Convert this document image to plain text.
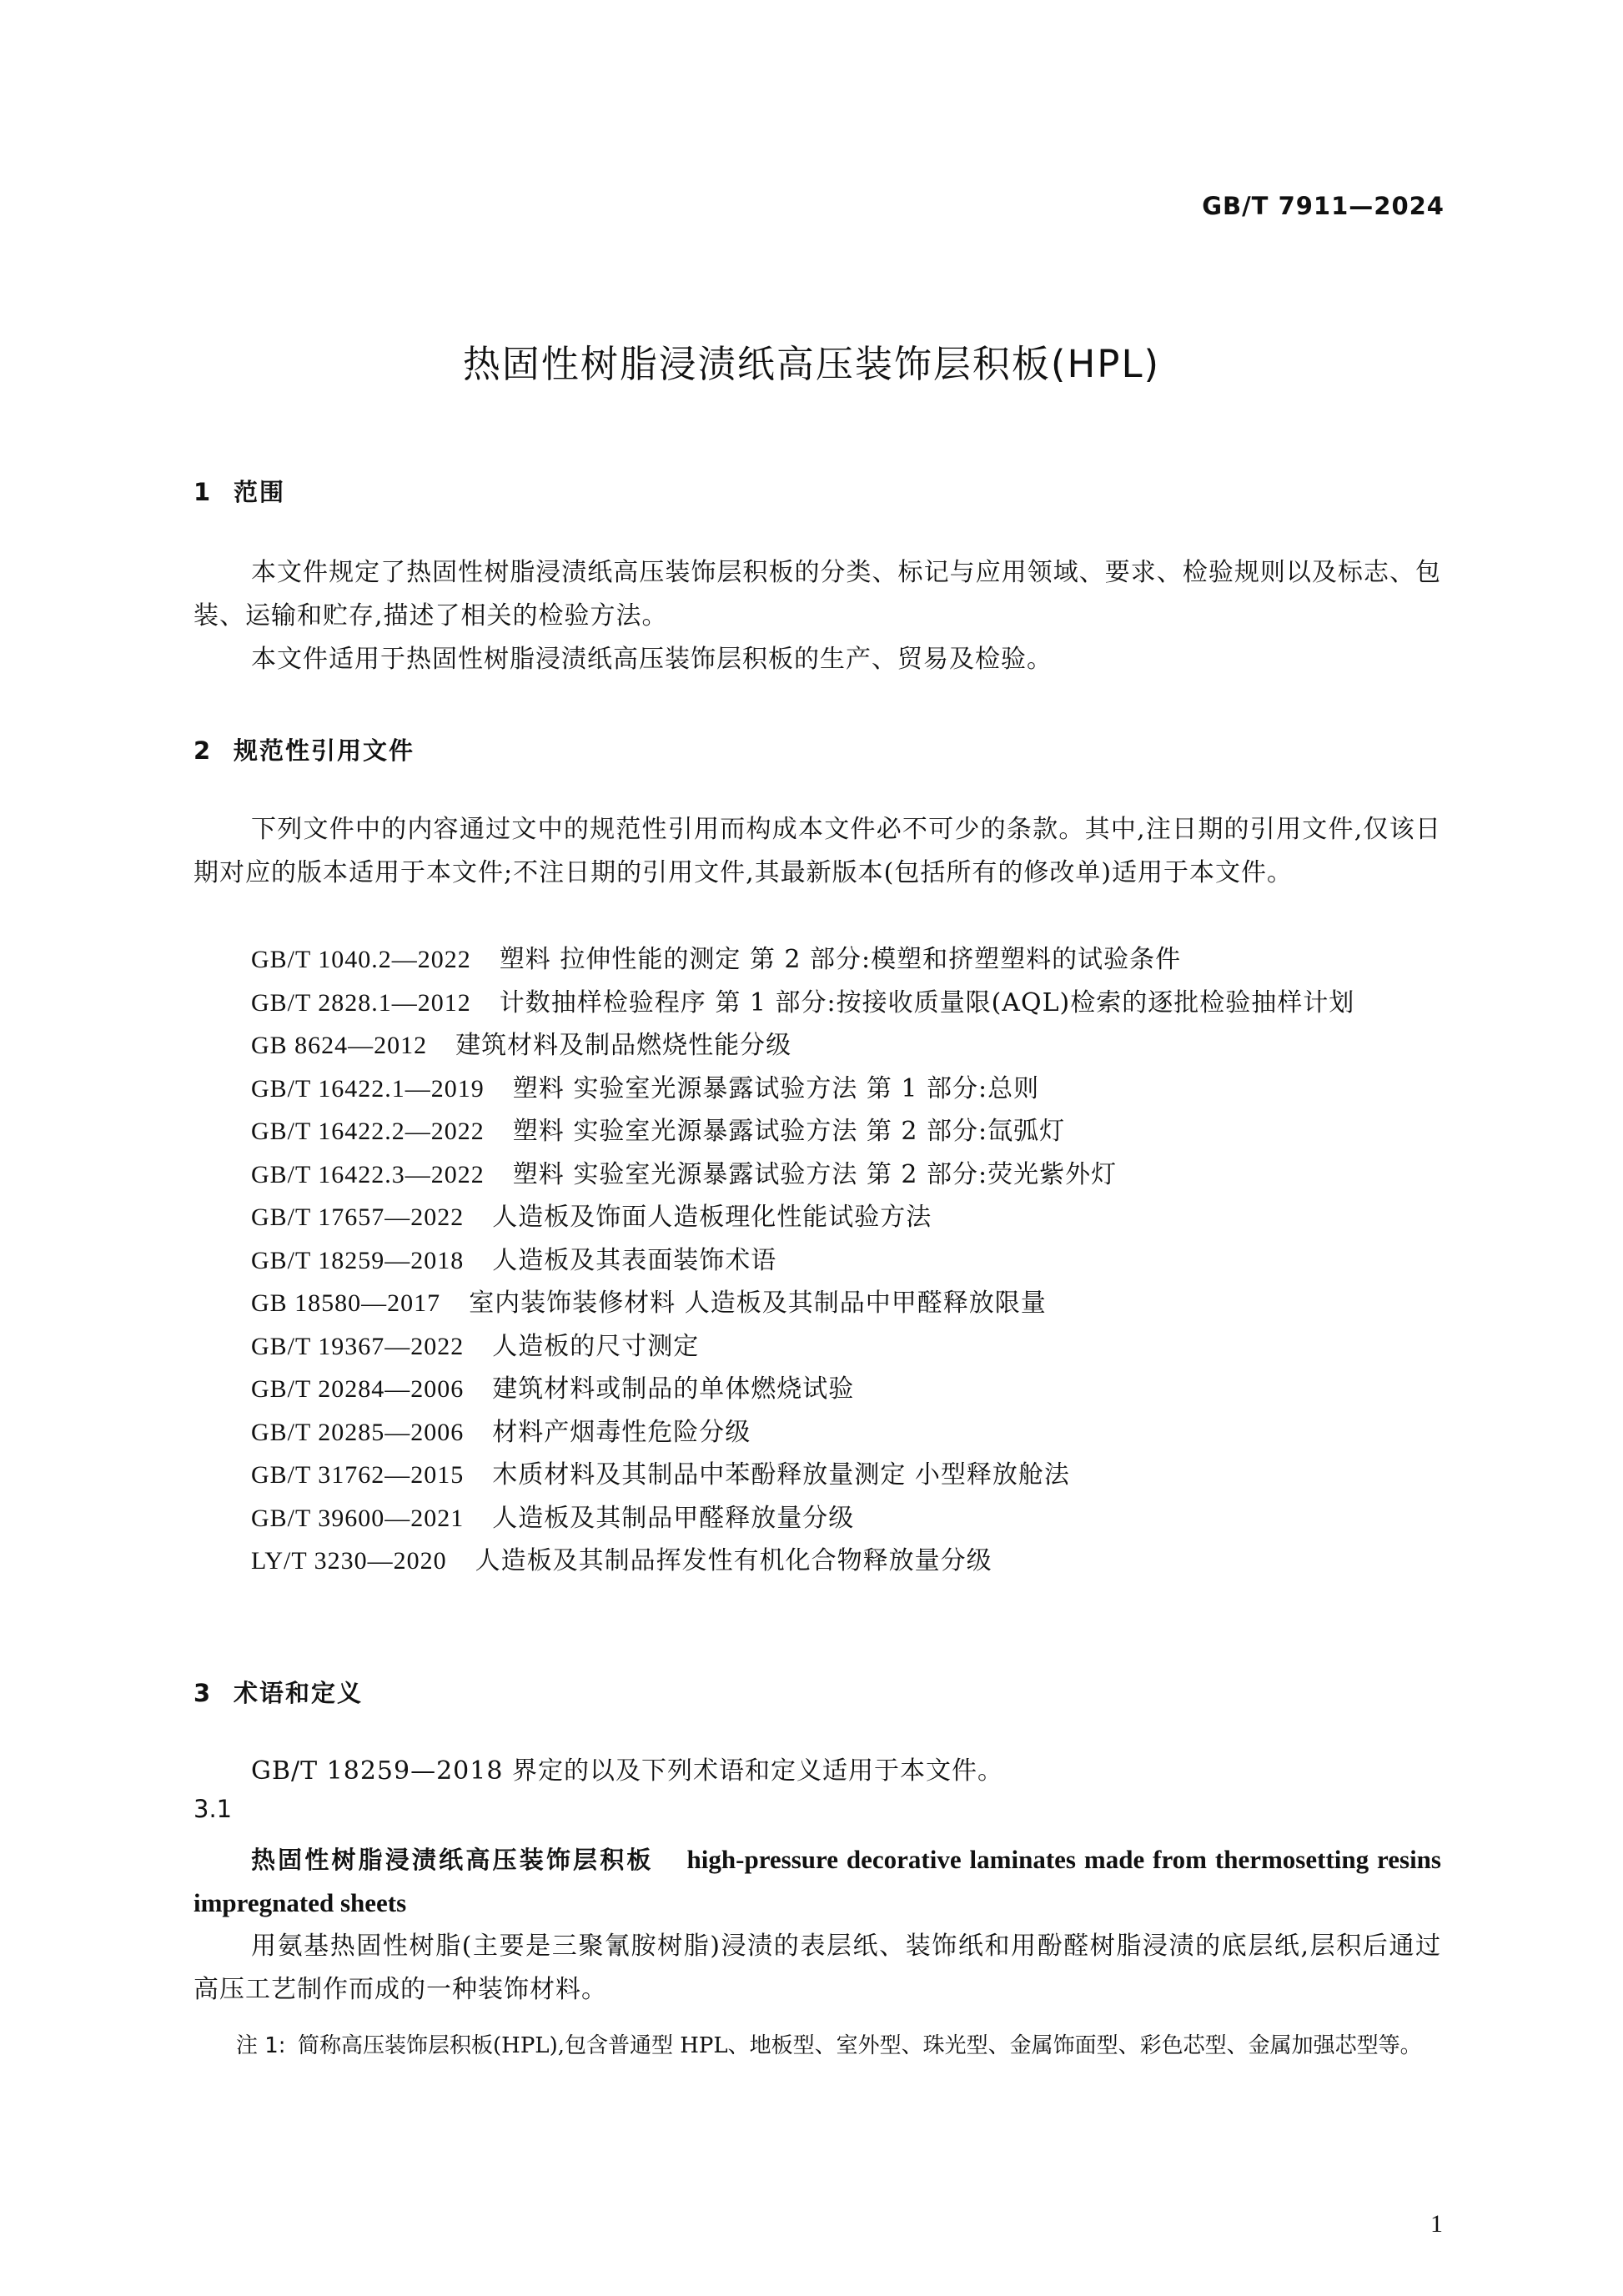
GB/T 7911—2024
热固性树脂浸渍纸高压装饰层积板(HPL)
1 范围
本文件规定了热固性树脂浸渍纸高压装饰层积板的分类、标记与应用领域、要求、检验规则以及标志、包装、运输和贮存,描述了相关的检验方法。
本文件适用于热固性树脂浸渍纸高压装饰层积板的生产、贸易及检验。
2 规范性引用文件
下列文件中的内容通过文中的规范性引用而构成本文件必不可少的条款。其中,注日期的引用文件,仅该日期对应的版本适用于本文件;不注日期的引用文件,其最新版本(包括所有的修改单)适用于本文件。
GB/T 1040.2—2022 塑料 拉伸性能的测定 第 2 部分:模塑和挤塑塑料的试验条件
GB/T 2828.1—2012 计数抽样检验程序 第 1 部分:按接收质量限(AQL)检索的逐批检验抽样计划
GB 8624—2012 建筑材料及制品燃烧性能分级
GB/T 16422.1—2019 塑料 实验室光源暴露试验方法 第 1 部分:总则
GB/T 16422.2—2022 塑料 实验室光源暴露试验方法 第 2 部分:氙弧灯
GB/T 16422.3—2022 塑料 实验室光源暴露试验方法 第 2 部分:荧光紫外灯
GB/T 17657—2022 人造板及饰面人造板理化性能试验方法
GB/T 18259—2018 人造板及其表面装饰术语
GB 18580—2017 室内装饰装修材料 人造板及其制品中甲醛释放限量
GB/T 19367—2022 人造板的尺寸测定
GB/T 20284—2006 建筑材料或制品的单体燃烧试验
GB/T 20285—2006 材料产烟毒性危险分级
GB/T 31762—2015 木质材料及其制品中苯酚释放量测定 小型释放舱法
GB/T 39600—2021 人造板及其制品甲醛释放量分级
LY/T 3230—2020 人造板及其制品挥发性有机化合物释放量分级
3 术语和定义
GB/T 18259—2018 界定的以及下列术语和定义适用于本文件。
3.1
热固性树脂浸渍纸高压装饰层积板 high-pressure decorative laminates made from thermosetting resins impregnated sheets
用氨基热固性树脂(主要是三聚氰胺树脂)浸渍的表层纸、装饰纸和用酚醛树脂浸渍的底层纸,层积后通过高压工艺制作而成的一种装饰材料。
注 1: 简称高压装饰层积板(HPL),包含普通型 HPL、地板型、室外型、珠光型、金属饰面型、彩色芯型、金属加强芯型等。
1
